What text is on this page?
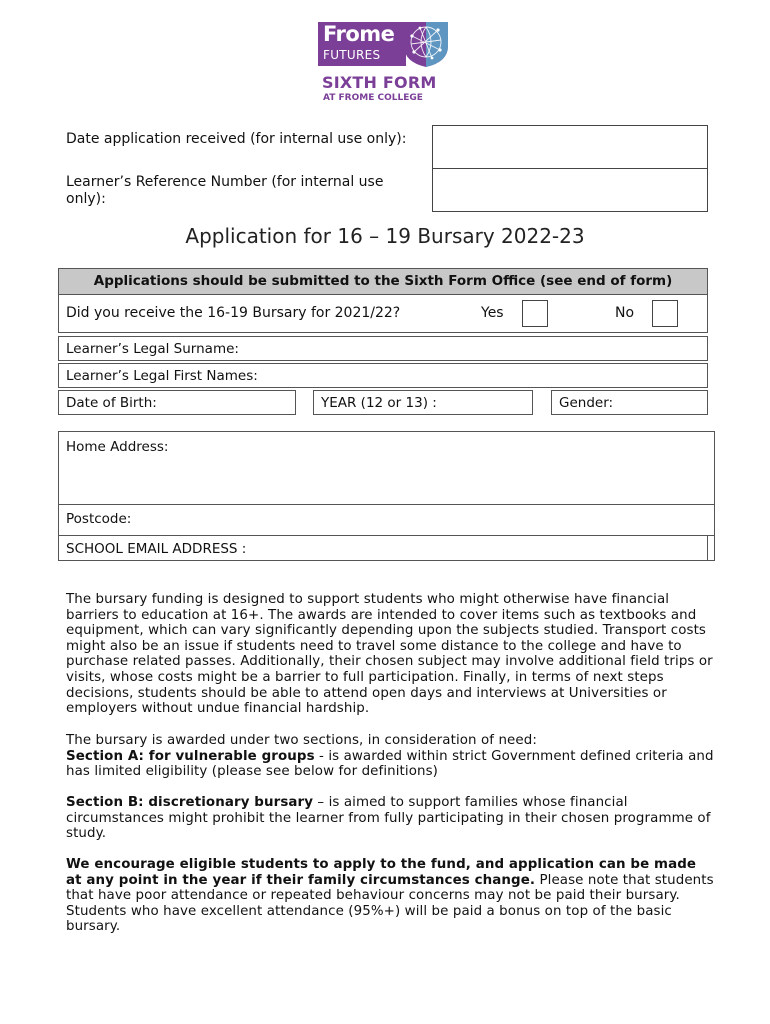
Frome
FUTURES
SIXTH FORM
AT FROME COLLEGE
Date application received (for internal use only):
Learner’s Reference Number (for internal use only):
Application for 16 – 19 Bursary 2022-23
Applications should be submitted to the Sixth Form Office (see end of form)
Did you receive the 16-19 Bursary for 2021/22?	Yes	No
Learner’s Legal Surname:
Learner’s Legal First Names:
Date of Birth:	YEAR (12 or 13) :	Gender:
Home Address:
Postcode:
SCHOOL EMAIL ADDRESS :
The bursary funding is designed to support students who might otherwise have financial barriers to education at 16+. The awards are intended to cover items such as textbooks and equipment, which can vary significantly depending upon the subjects studied. Transport costs might also be an issue if students need to travel some distance to the college and have to purchase related passes. Additionally, their chosen subject may involve additional field trips or visits, whose costs might be a barrier to full participation. Finally, in terms of next steps decisions, students should be able to attend open days and interviews at Universities or employers without undue financial hardship.
The bursary is awarded under two sections, in consideration of need:
Section A: for vulnerable groups - is awarded within strict Government defined criteria and has limited eligibility (please see below for definitions)
Section B: discretionary bursary – is aimed to support families whose financial circumstances might prohibit the learner from fully participating in their chosen programme of study.
We encourage eligible students to apply to the fund, and application can be made at any point in the year if their family circumstances change. Please note that students that have poor attendance or repeated behaviour concerns may not be paid their bursary. Students who have excellent attendance (95%+) will be paid a bonus on top of the basic bursary.
